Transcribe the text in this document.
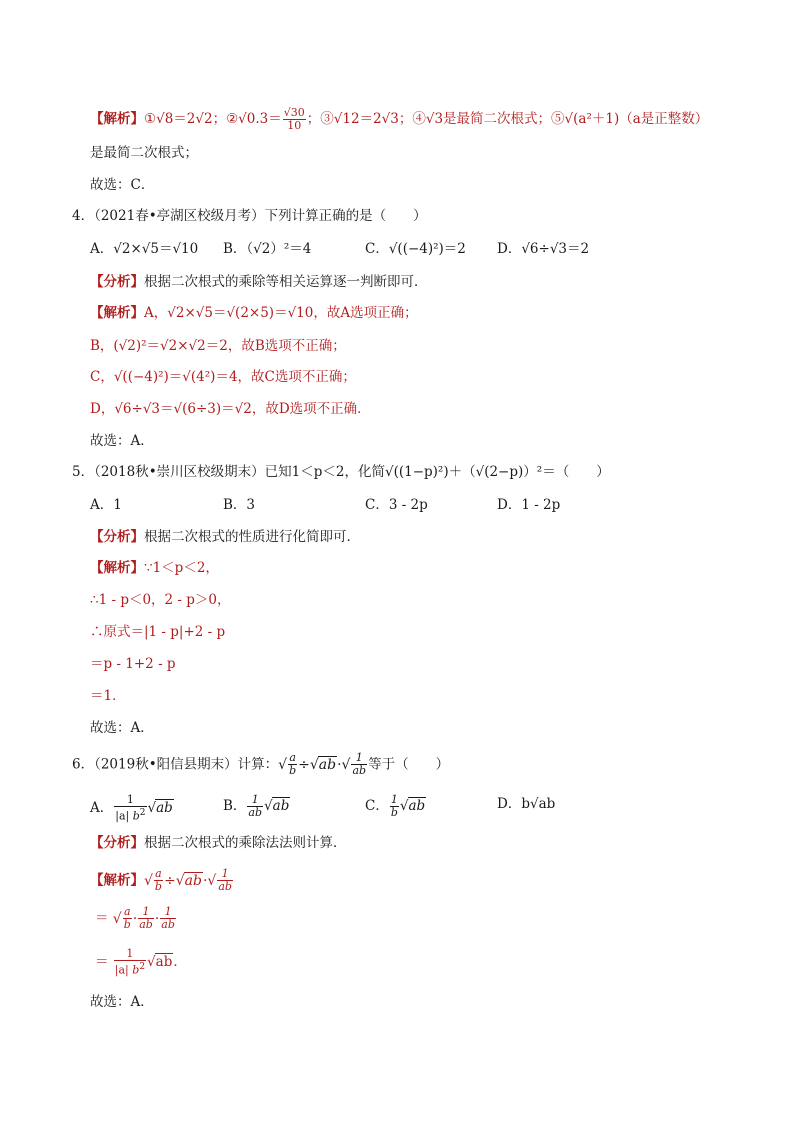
【解析】①√8＝2√2；②√0.3＝ $\frac{√30}{10}$ ；③√12＝2√3；④√3是最简二次根式；⑤√(a²＋1)（a是正整数）
是最简二次根式；
故选：C．
4．（2021春•亭湖区校级月考）下列计算正确的是（　　）
A．√2×√5＝√10 B．（√2）²＝4	C．√((−4)²)＝2 D．√6÷√3＝2
【分析】根据二次根式的乘除等相关运算逐一判断即可．
【解析】A，√2×√5＝√(2×5)＝√10，故A选项正确；
B，(√2)²＝√2×√2＝2，故B选项不正确；
C，√((−4)²)＝√(4²)＝4，故C选项不正确；
D，√6÷√3＝√(6÷3)＝√2，故D选项不正确．
故选：A．
5．（2018秋•崇川区校级期末）已知1＜p＜2，化简√((1−p)²)＋（√(2−p)）²＝（　　）
A．1	B．3	C．3 - 2p	D．1 - 2p
【分析】根据二次根式的性质进行化简即可．
【解析】∵1＜p＜2，
∴1 - p＜0，2 - p＞0，
∴原式＝|1 - p|+2 - p
＝p - 1+2 - p
＝1．
故选：A．
6．（2019秋•阳信县期末）计算：√ $\frac{a}{b} \div√ab\cdot√ \frac{1}{ab}$ 等于（　　）
A． $\frac{1}{|a| b^2} √ab$	B． $\frac{1}{ab} √ab$	C． $\frac{1}{b} √ab$	D．b√ab
【分析】根据二次根式的乘除法法则计算．
【解析】√ $\frac{a}{b} \div√ab\cdot√ \frac{1}{ab}$
＝ √ $\frac{a}{b} \cdot \frac{1}{ab} \cdot \frac{1}{ab}$
＝ $\frac{1}{|a| b^2} √ab$．
故选：A．
